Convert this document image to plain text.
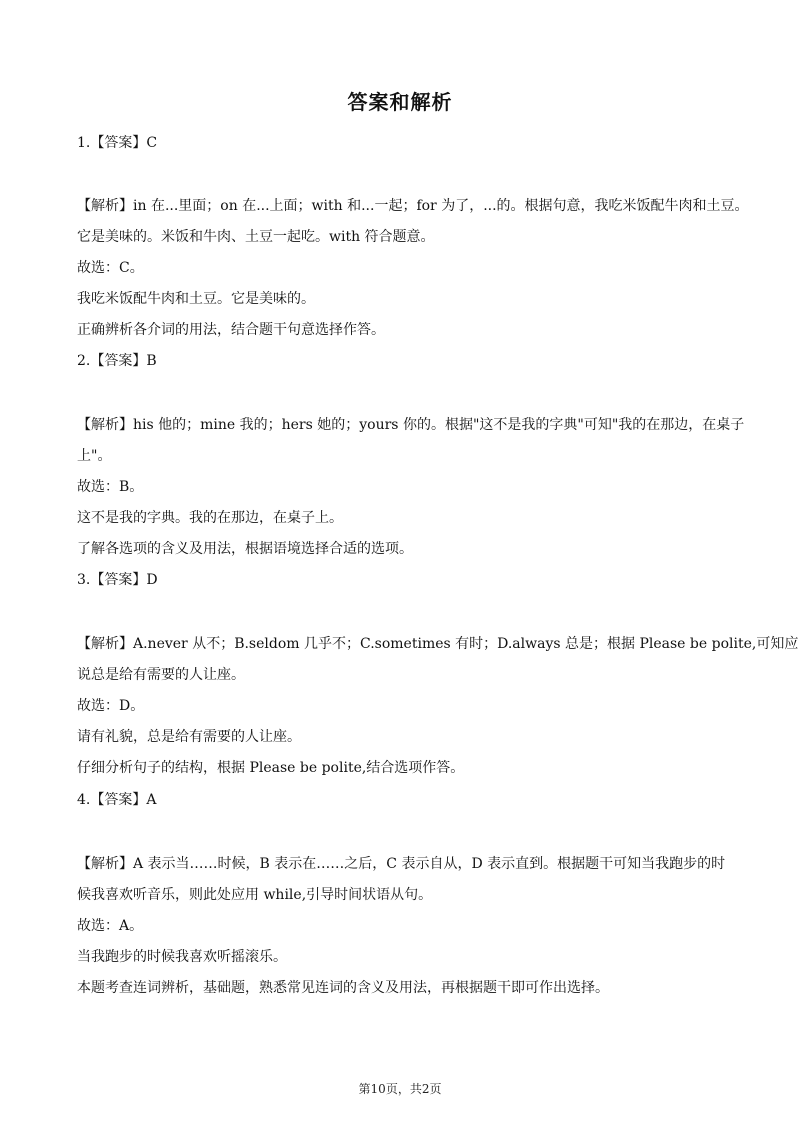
答案和解析
1.【答案】C
【解析】in 在...里面；on 在...上面；with 和...一起；for 为了，...的。根据句意，我吃米饭配牛肉和土豆。
它是美味的。米饭和牛肉、土豆一起吃。with 符合题意。
故选：C。
我吃米饭配牛肉和土豆。它是美味的。
正确辨析各介词的用法，结合题干句意选择作答。
2.【答案】B
【解析】his 他的；mine 我的；hers 她的；yours 你的。根据"这不是我的字典"可知"我的在那边，在桌子
上"。
故选：B。
这不是我的字典。我的在那边，在桌子上。
了解各选项的含义及用法，根据语境选择合适的选项。
3.【答案】D
【解析】A.never 从不；B.seldom 几乎不；C.sometimes 有时；D.always 总是；根据 Please be polite,可知应
说总是给有需要的人让座。
故选：D。
请有礼貌，总是给有需要的人让座。
仔细分析句子的结构，根据 Please be polite,结合选项作答。
4.【答案】A
【解析】A 表示当……时候，B 表示在……之后，C 表示自从，D 表示直到。根据题干可知当我跑步的时
候我喜欢听音乐，则此处应用 while,引导时间状语从句。
故选：A。
当我跑步的时候我喜欢听摇滚乐。
本题考查连词辨析，基础题，熟悉常见连词的含义及用法，再根据题干即可作出选择。
第10页，共2页
